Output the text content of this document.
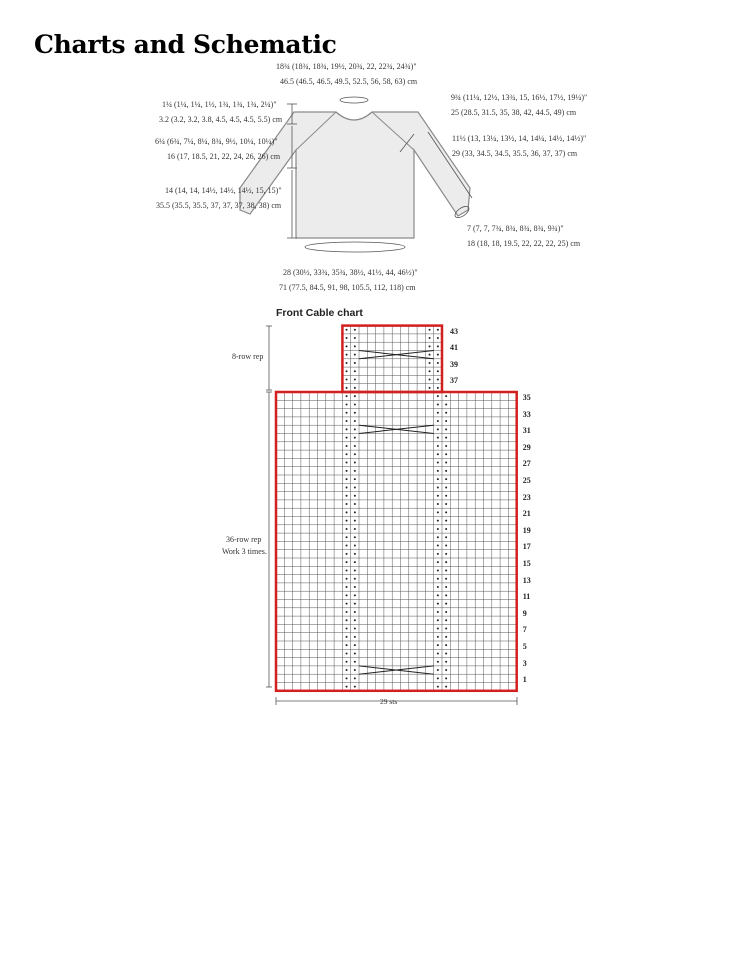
Charts and Schematic
18¾ (18¾, 18¾, 19½, 20¾, 22, 22¾, 24¾)"
46.5 (46.5, 46.5, 49.5, 52.5, 56, 58, 63) cm
1¼ (1¼, 1¼, 1½, 1¾, 1¾, 1¾, 2¼)"
3.2 (3.2, 3.2, 3.8, 4.5, 4.5, 4.5, 5.5) cm
6¼ (6¾, 7¼, 8¼, 8¾, 9½, 10¼, 10¼)"
16 (17, 18.5, 21, 22, 24, 26, 26) cm
14 (14, 14, 14½, 14½, 14½, 15, 15)"
35.5 (35.5, 35.5, 37, 37, 37, 38, 38) cm
9¾ (11¼, 12½, 13¾, 15, 16½, 17½, 19¼)"
25 (28.5, 31.5, 35, 38, 42, 44.5, 49) cm
11½ (13, 13¼, 13½, 14, 14¼, 14½, 14½)"
29 (33, 34.5, 34.5, 35.5, 36, 37, 37) cm
7 (7, 7, 7¾, 8¾, 8¾, 8¾, 9¾)"
18 (18, 18, 19.5, 22, 22, 22, 25) cm
28 (30½, 33¾, 35¾, 38½, 41½, 44, 46½)"
71 (77.5, 84.5, 91, 98, 105.5, 112, 118) cm
Front Cable chart
8-row rep
36-row rep
Work 3 times.
29 sts
43
41
39
37
35
33
31
29
27
25
23
21
19
17
15
13
11
9
7
5
3
1
